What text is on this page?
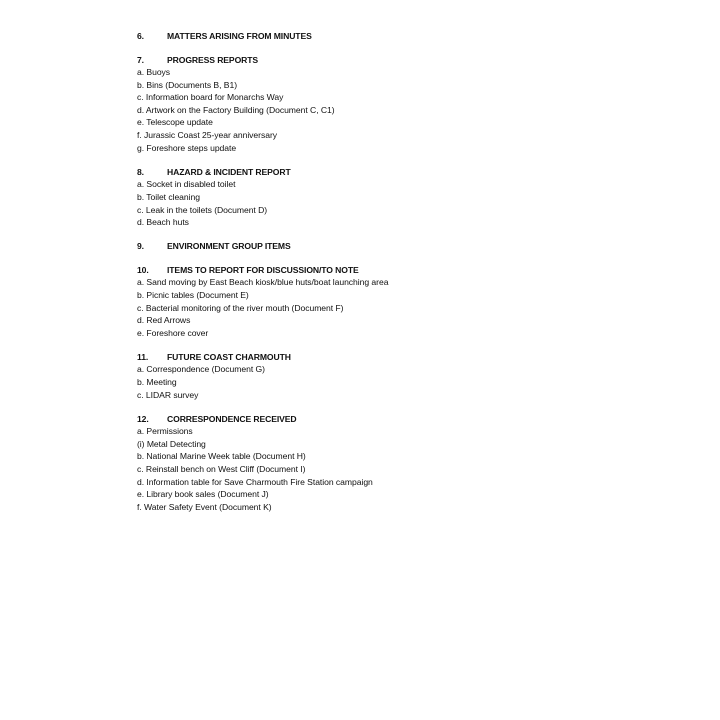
6.	MATTERS ARISING FROM MINUTES
7.	PROGRESS REPORTS
a. Buoys
b. Bins (Documents B, B1)
c. Information board for Monarchs Way
d. Artwork on the Factory Building (Document C, C1)
e. Telescope update
f. Jurassic Coast 25-year anniversary
g. Foreshore steps update
8.	HAZARD & INCIDENT REPORT
a. Socket in disabled toilet
b. Toilet cleaning
c. Leak in the toilets (Document D)
d. Beach huts
9.	ENVIRONMENT GROUP ITEMS
10.	ITEMS TO REPORT FOR DISCUSSION/TO NOTE
a. Sand moving by East Beach kiosk/blue huts/boat launching area
b. Picnic tables (Document E)
c. Bacterial monitoring of the river mouth (Document F)
d. Red Arrows
e. Foreshore cover
11.	FUTURE COAST CHARMOUTH
a. Correspondence (Document G)
b. Meeting
c. LIDAR survey
12.	CORRESPONDENCE RECEIVED
a. Permissions
(i) Metal Detecting
b. National Marine Week table (Document H)
c. Reinstall bench on West Cliff (Document I)
d. Information table for Save Charmouth Fire Station campaign
e. Library book sales (Document J)
f. Water Safety Event (Document K)
